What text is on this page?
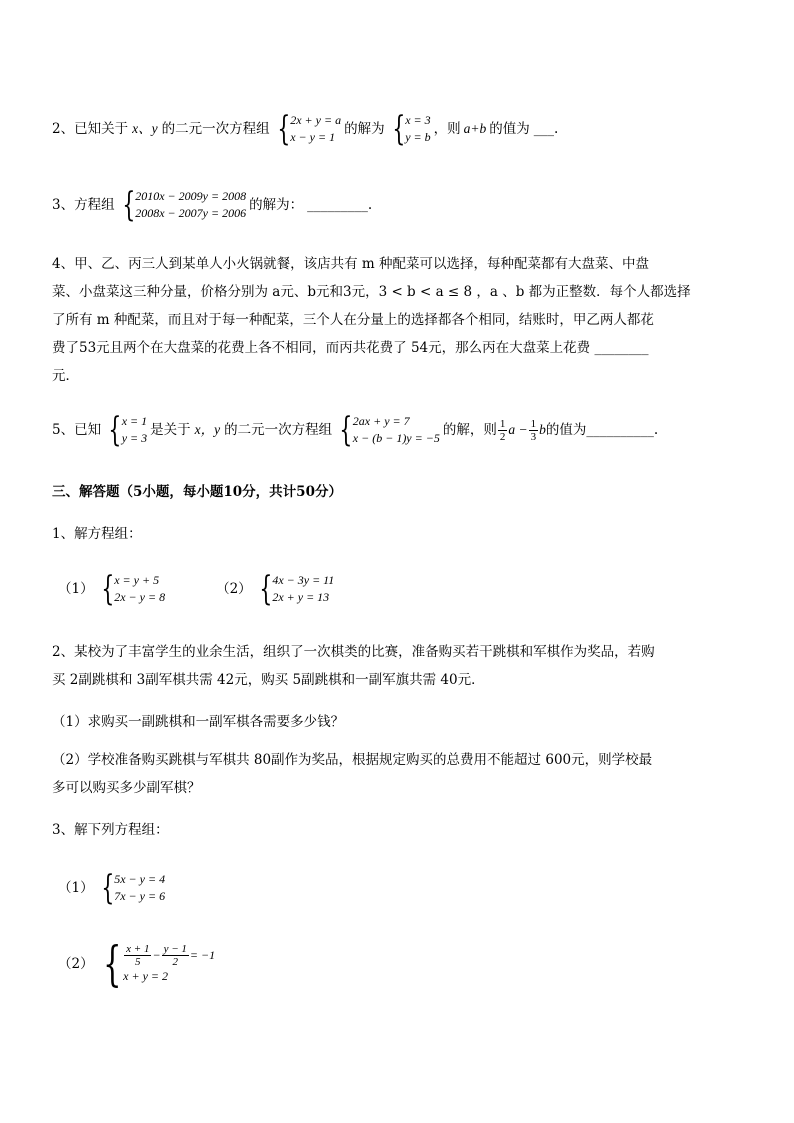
2、 已知关于 x、y 的二元一次方程组 { 2x + y = a
x − y = 1 的解为 { x = 3
y = b ，则 a+b 的值为 ___.
3、 方程组 { 2010x − 2009y = 2008
2008x − 2007y = 2006 的解为： _________.
4、甲、乙、丙三人到某单人小火锅就餐，该店共有 m 种配菜可以选择，每种配菜都有大盘菜、中盘
菜、小盘菜这三种分量，价格分别为 a元、b元和3元，3 < b < a ≤ 8 ，a 、b 都为正整数．每个人都选择
了所有 m 种配菜，而且对于每一种配菜，三个人在分量上的选择都各个相同，结账时，甲乙两人都花
费了53元且两个在大盘菜的花费上各不相同，而丙共花费了 54元，那么丙在大盘菜上花费 ________
元．
5、 已知 { x = 1
y = 3 是关于 x，y 的二元一次方程组 { 2ax + y = 7
x − (b − 1)y = −5 的解，则 $\frac{1}{2}$ $a - \frac{1}{3}$ b 的值为 __________.
三、解答题（5小题，每小题10分，共计50分）
1、解方程组：
（1） { x = y + 5
2x − y = 8	（2） { 4x − 3y = 11
2x + y = 13
2、某校为了丰富学生的业余生活，组织了一次棋类的比赛，准备购买若干跳棋和军棋作为奖品，若购
买 2副跳棋和 3副军棋共需 42元，购买 5副跳棋和一副军旗共需 40元．
（1）求购买一副跳棋和一副军棋各需要多少钱？
（2）学校准备购买跳棋与军棋共 80副作为奖品，根据规定购买的总费用不能超过 600元，则学校最
多可以购买多少副军棋？
3、解下列方程组：
（1） { 5x − y = 4
7x − y = 6
（2） { $\frac{x + 1}{5} - \frac{y - 1}{2} = -1$
x + y = 2
